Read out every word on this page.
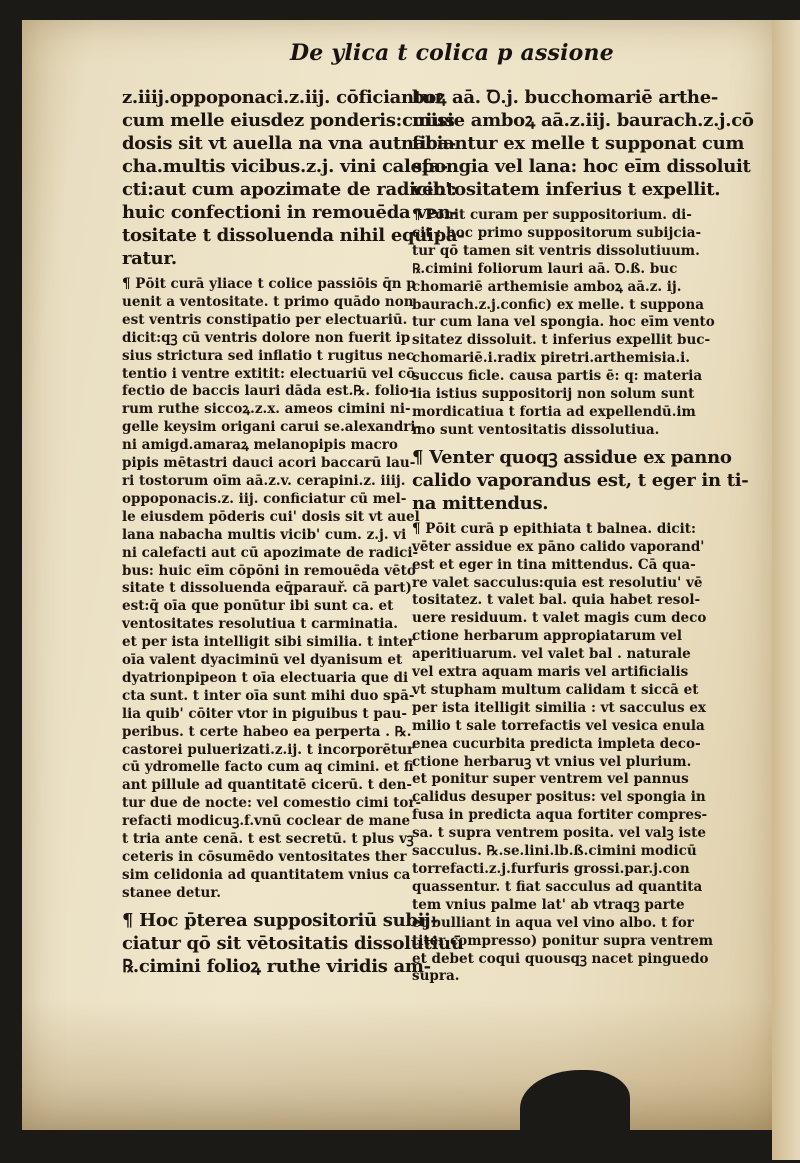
De ylica t colica p assione
z.iiij.oppoponaci.z.iij. cōficiantur
cum melle eiusdez ponderis:cuius
dosis sit vt auella na vna autnaba-
cha.multis vicibus.z.j. vini calefa-
cti:aut cum apozimate de radicib':
huic confectioni in remouēda ven-
tositate t dissoluenda nihil equipa-
ratur.
¶ Pōit curā yliace t colice passiōis q̄n p
uenit a ventositate. t primo quādo non
est ventris constipatio per electuariū.
dicit:qꝫ cū ventris dolore non fuerit ip
sius strictura sed inflatio t rugitus nec
tentio i ventre extitit: electuariū vel cō
fectio de baccis lauri dāda est.℞. folio-
rum ruthe siccoꝝ.z.x. ameos cimini ni-
gelle keysim origani carui se.alexandri-
ni amigd.amaraꝝ melanopipis macro
pipis mētastri dauci acori baccarū lau-
ri tostorum oīm aā.z.v. cerapini.z. iiij.
oppoponacis.z. iij. conficiatur cū mel-
le eiusdem pōderis cui' dosis sit vt auel
lana nabacha multis vicib' cum. z.j. vi
ni calefacti aut cū apozimate de radici-
bus: huic eīm cōpōni in remouēda vēto
sitate t dissoluenda eq̄parauř. cā part)
est:q̄ oīa que ponūtur ibi sunt ca. et
ventositates resolutiua t carminatia.
et per ista intelligit sibi similia. t inter
oīa valent dyaciminū vel dyanisum et
dyatrionpipeon t oīa electuaria que di
cta sunt. t inter oīa sunt mihi duo spā-
lia quib' cōiter vtor in piguibus t pau-
peribus. t certe habeo ea perperta . ℞.
castorei puluerizati.z.ij. t incorporētur
cū ydromelle facto cum aq cimini. et fi
ant pillule ad quantitatē cicerū. t den-
tur due de nocte: vel comestio cimi tor-
refacti modicuꝫ.f.vnū coclear de mane
t tria ante cenā. t est secretū. t plus vꝫ
ceteris in cōsumēdo ventositates ther
sim celidonia ad quantitatem vnius ca
stanee detur.
¶ Hoc p̄terea suppositoriū subij-
ciatur qō sit vētositatis dissolutiuū
℞.cimini folioꝝ ruthe viridis am-
boꝝ aā. Ꝺ.j. bucchomariē arthe-
misie amboꝝ aā.z.iij. baurach.z.j.cō
ficiantur ex melle t supponat cum
spongia vel lana: hoc eīm dissoluit
ventositatem inferius t expellit.
¶ Ponit curam per suppositorium. di-
cit : hoc primo suppositorum subijcia-
tur qō tamen sit ventris dissolutiuum.
℞.cimini foliorum lauri aā. Ꝺ.ß. buc
chomariē arthemisie amboꝝ aā.z. ij.
baurach.z.j.confic) ex melle. t suppona
tur cum lana vel spongia. hoc eīm vento
sitatez dissoluit. t inferius expellit buc-
chomariē.i.radix piretri.arthemisia.i.
succus ficle. causa partis ē: q: materia
lia istius suppositorij non solum sunt
mordicatiua t fortia ad expellendū.im
mo sunt ventositatis dissolutiua.
¶ Venter quoqꝫ assidue ex panno
calido vaporandus est, t eger in ti-
na mittendus.
¶ Pōit curā p epithiata t balnea. dicit:
vēter assidue ex pāno calido vaporand'
est et eger in tina mittendus. Cā qua-
re valet sacculus:quia est resolutiu' vē
tositatez. t valet bal. quia habet resol-
uere residuum. t valet magis cum deco
ctione herbarum approꝑiatarum vel
aperitiuarum. vel valet bal . naturale
vel extra aquam maris vel artificialis
vt stupham multum calidam t siccā et
per ista itelligit similia : vt sacculus ex
milio t sale torrefactis vel vesica enula
enea cucurbita predicta impleta deco-
ctione herbaruꝫ vt vnius vel plurium.
et ponitur super ventrem vel pannus
calidus desuper positus: vel spongia in
fusa in predicta aqua fortiter compres-
sa. t supra ventrem posita. vel valꝫ iste
sacculus. ℞.se.lini.lb.ß.cimini modicū
torrefacti.z.j.furfuris grossi.par.j.con
quassentur. t fiat sacculus ad quantita
tem vnius palme lat' ab vtraqꝫ parte
et bulliant in aqua vel vino albo. t for
titer compresso) ponitur supra ventrem
et debet coqui quousqꝫ nacet pinguedo
supra.
